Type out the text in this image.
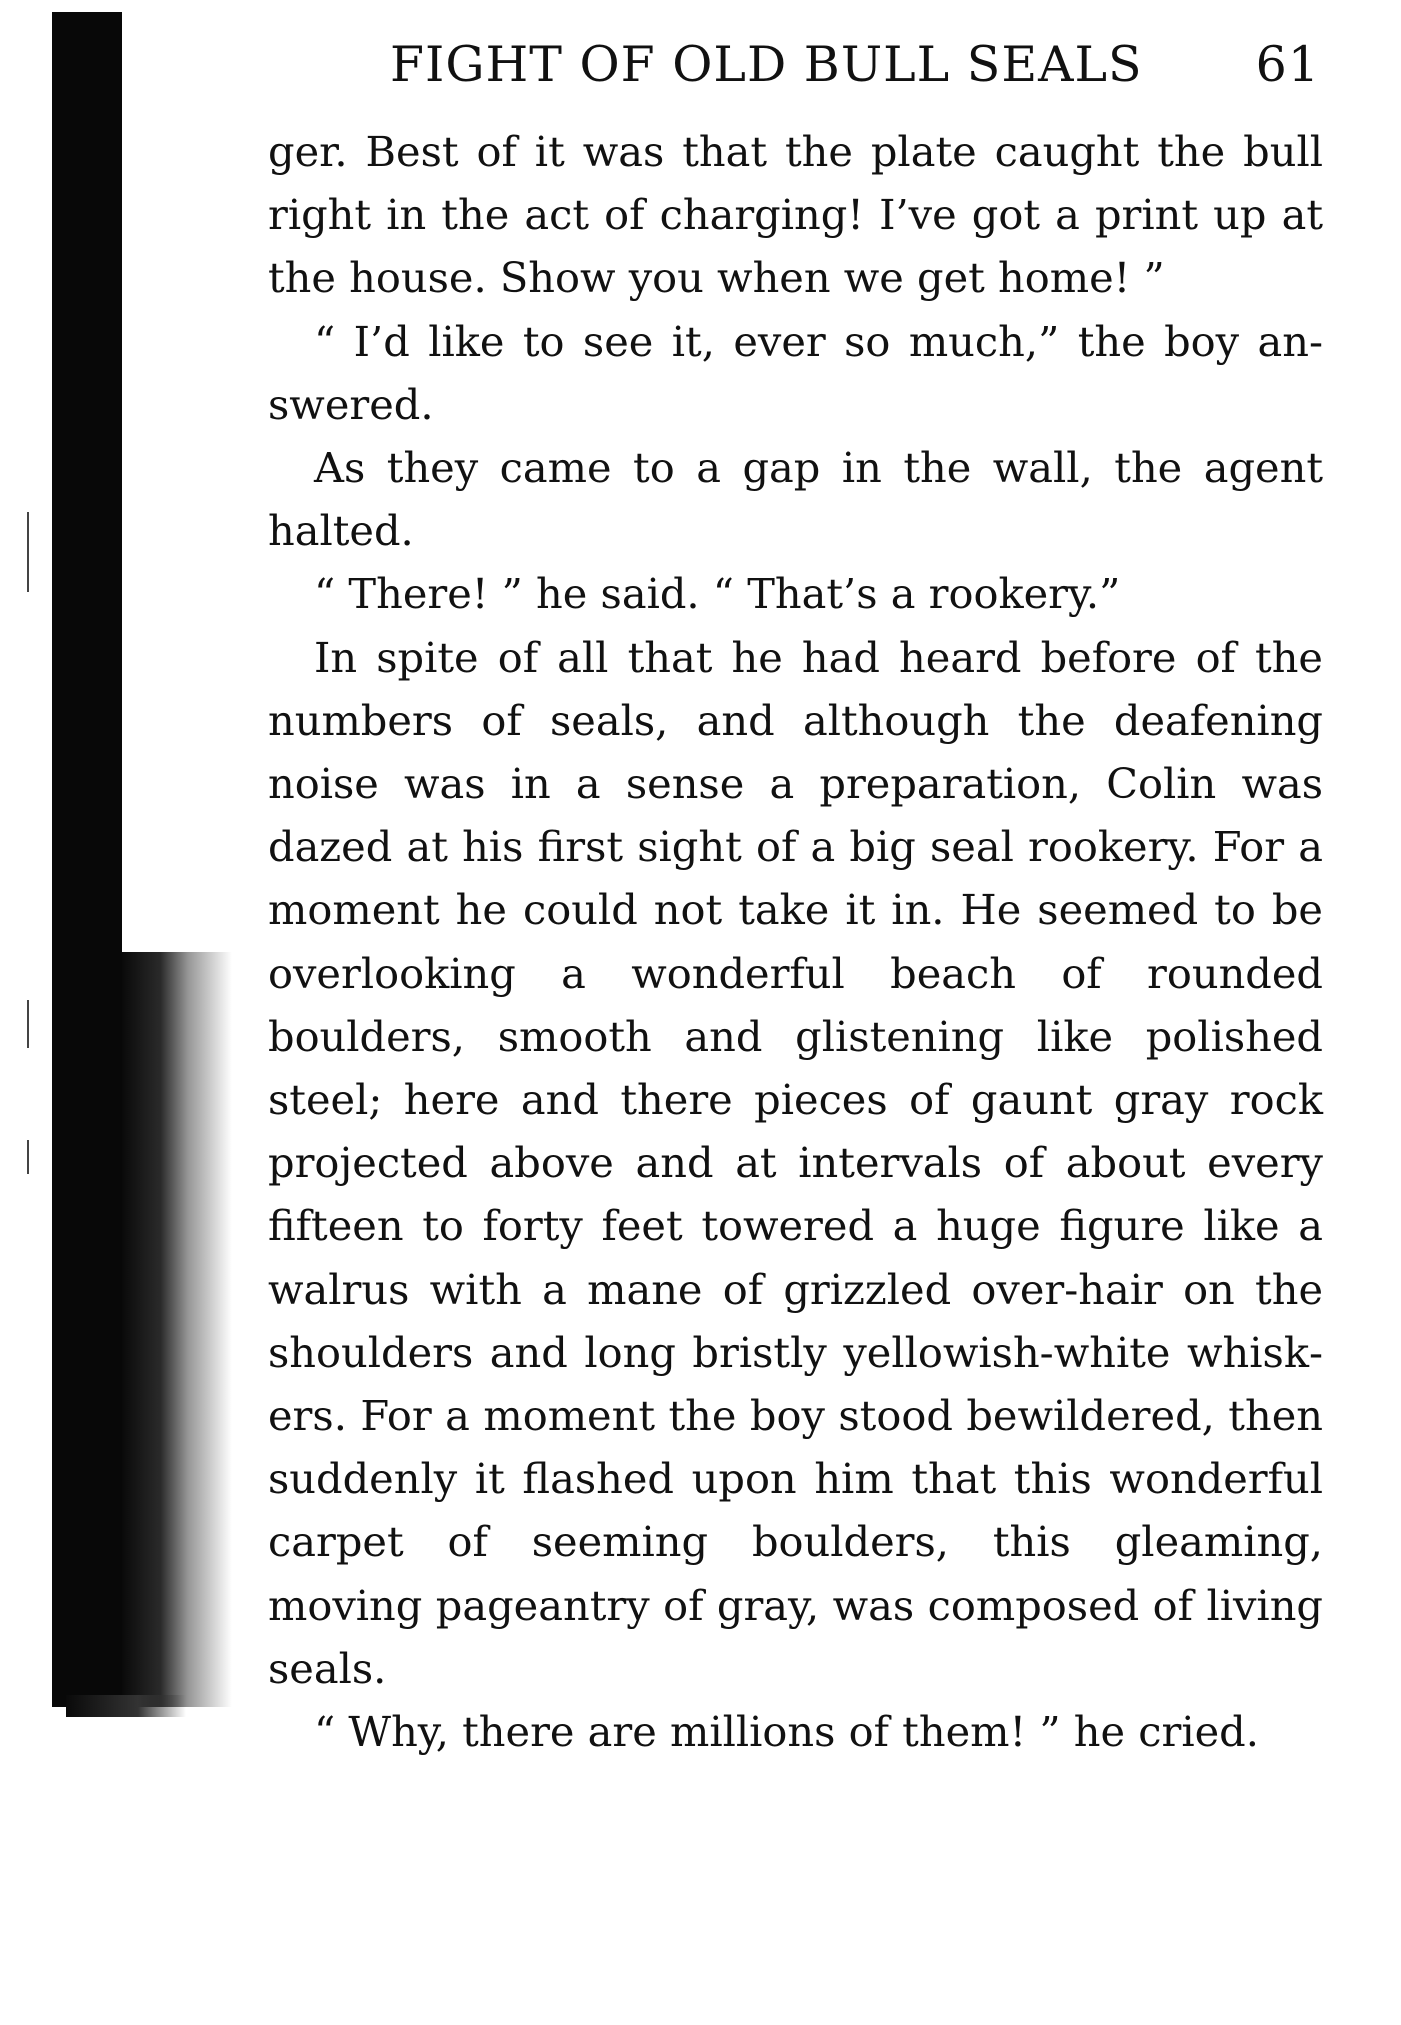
FIGHT OF OLD BULL SEALS 61

ger. Best of it was that the plate caught the bull right in the act of charging! I’ve got a print up at the house. Show you when we get home! ”

“ I’d like to see it, ever so much,” the boy answered.

As they came to a gap in the wall, the agent halted.

“ There! ” he said. “ That’s a rookery.”

In spite of all that he had heard before of the numbers of seals, and although the deafening noise was in a sense a preparation, Colin was dazed at his first sight of a big seal rookery. For a moment he could not take it in. He seemed to be overlooking a wonderful beach of rounded boulders, smooth and glistening like polished steel; here and there pieces of gaunt gray rock projected above and at intervals of about every fifteen to forty feet towered a huge figure like a walrus with a mane of grizzled over-hair on the shoulders and long bristly yellowish-white whiskers. For a moment the boy stood bewildered, then suddenly it flashed upon him that this wonderful carpet of seeming boulders, this gleaming, moving pageantry of gray, was composed of living seals.

“ Why, there are millions of them! ” he cried.
